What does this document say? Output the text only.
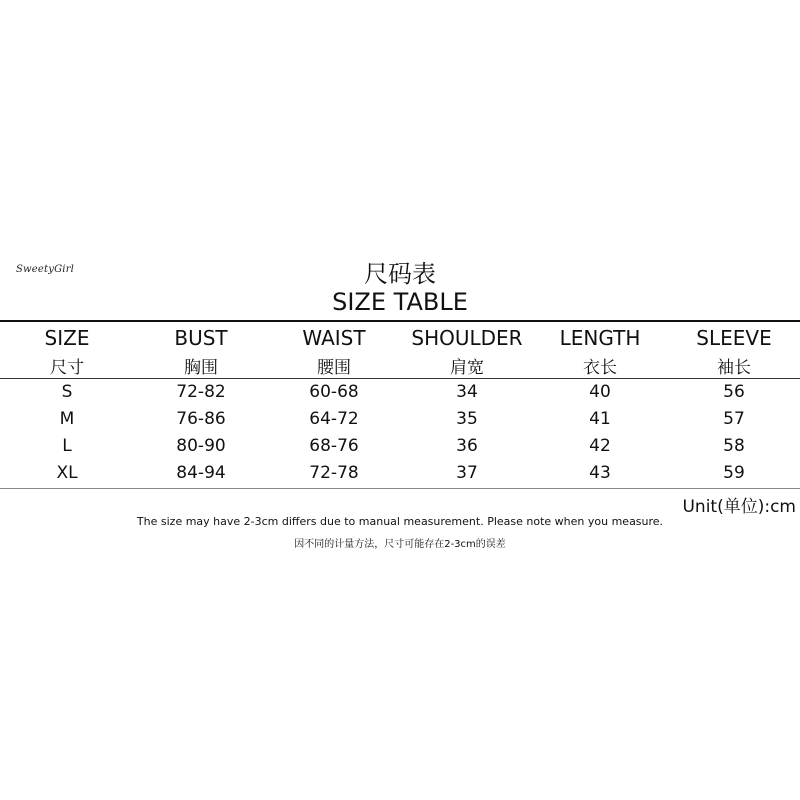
SweetyGirl	尺码表
SIZE TABLE
SIZE	BUST	WAIST	SHOULDER	LENGTH	SLEEVE
尺寸	胸围	腰围	肩宽	衣长	袖长
S	72-82	60-68	34	40	56
M	76-86	64-72	35	41	57
L	80-90	68-76	36	42	58
XL	84-94	72-78	37	43	59
Unit(单位):cm
The size may have 2-3cm differs due to manual measurement. Please note when you measure.
因不同的计量方法，尺寸可能存在2-3cm的误差
